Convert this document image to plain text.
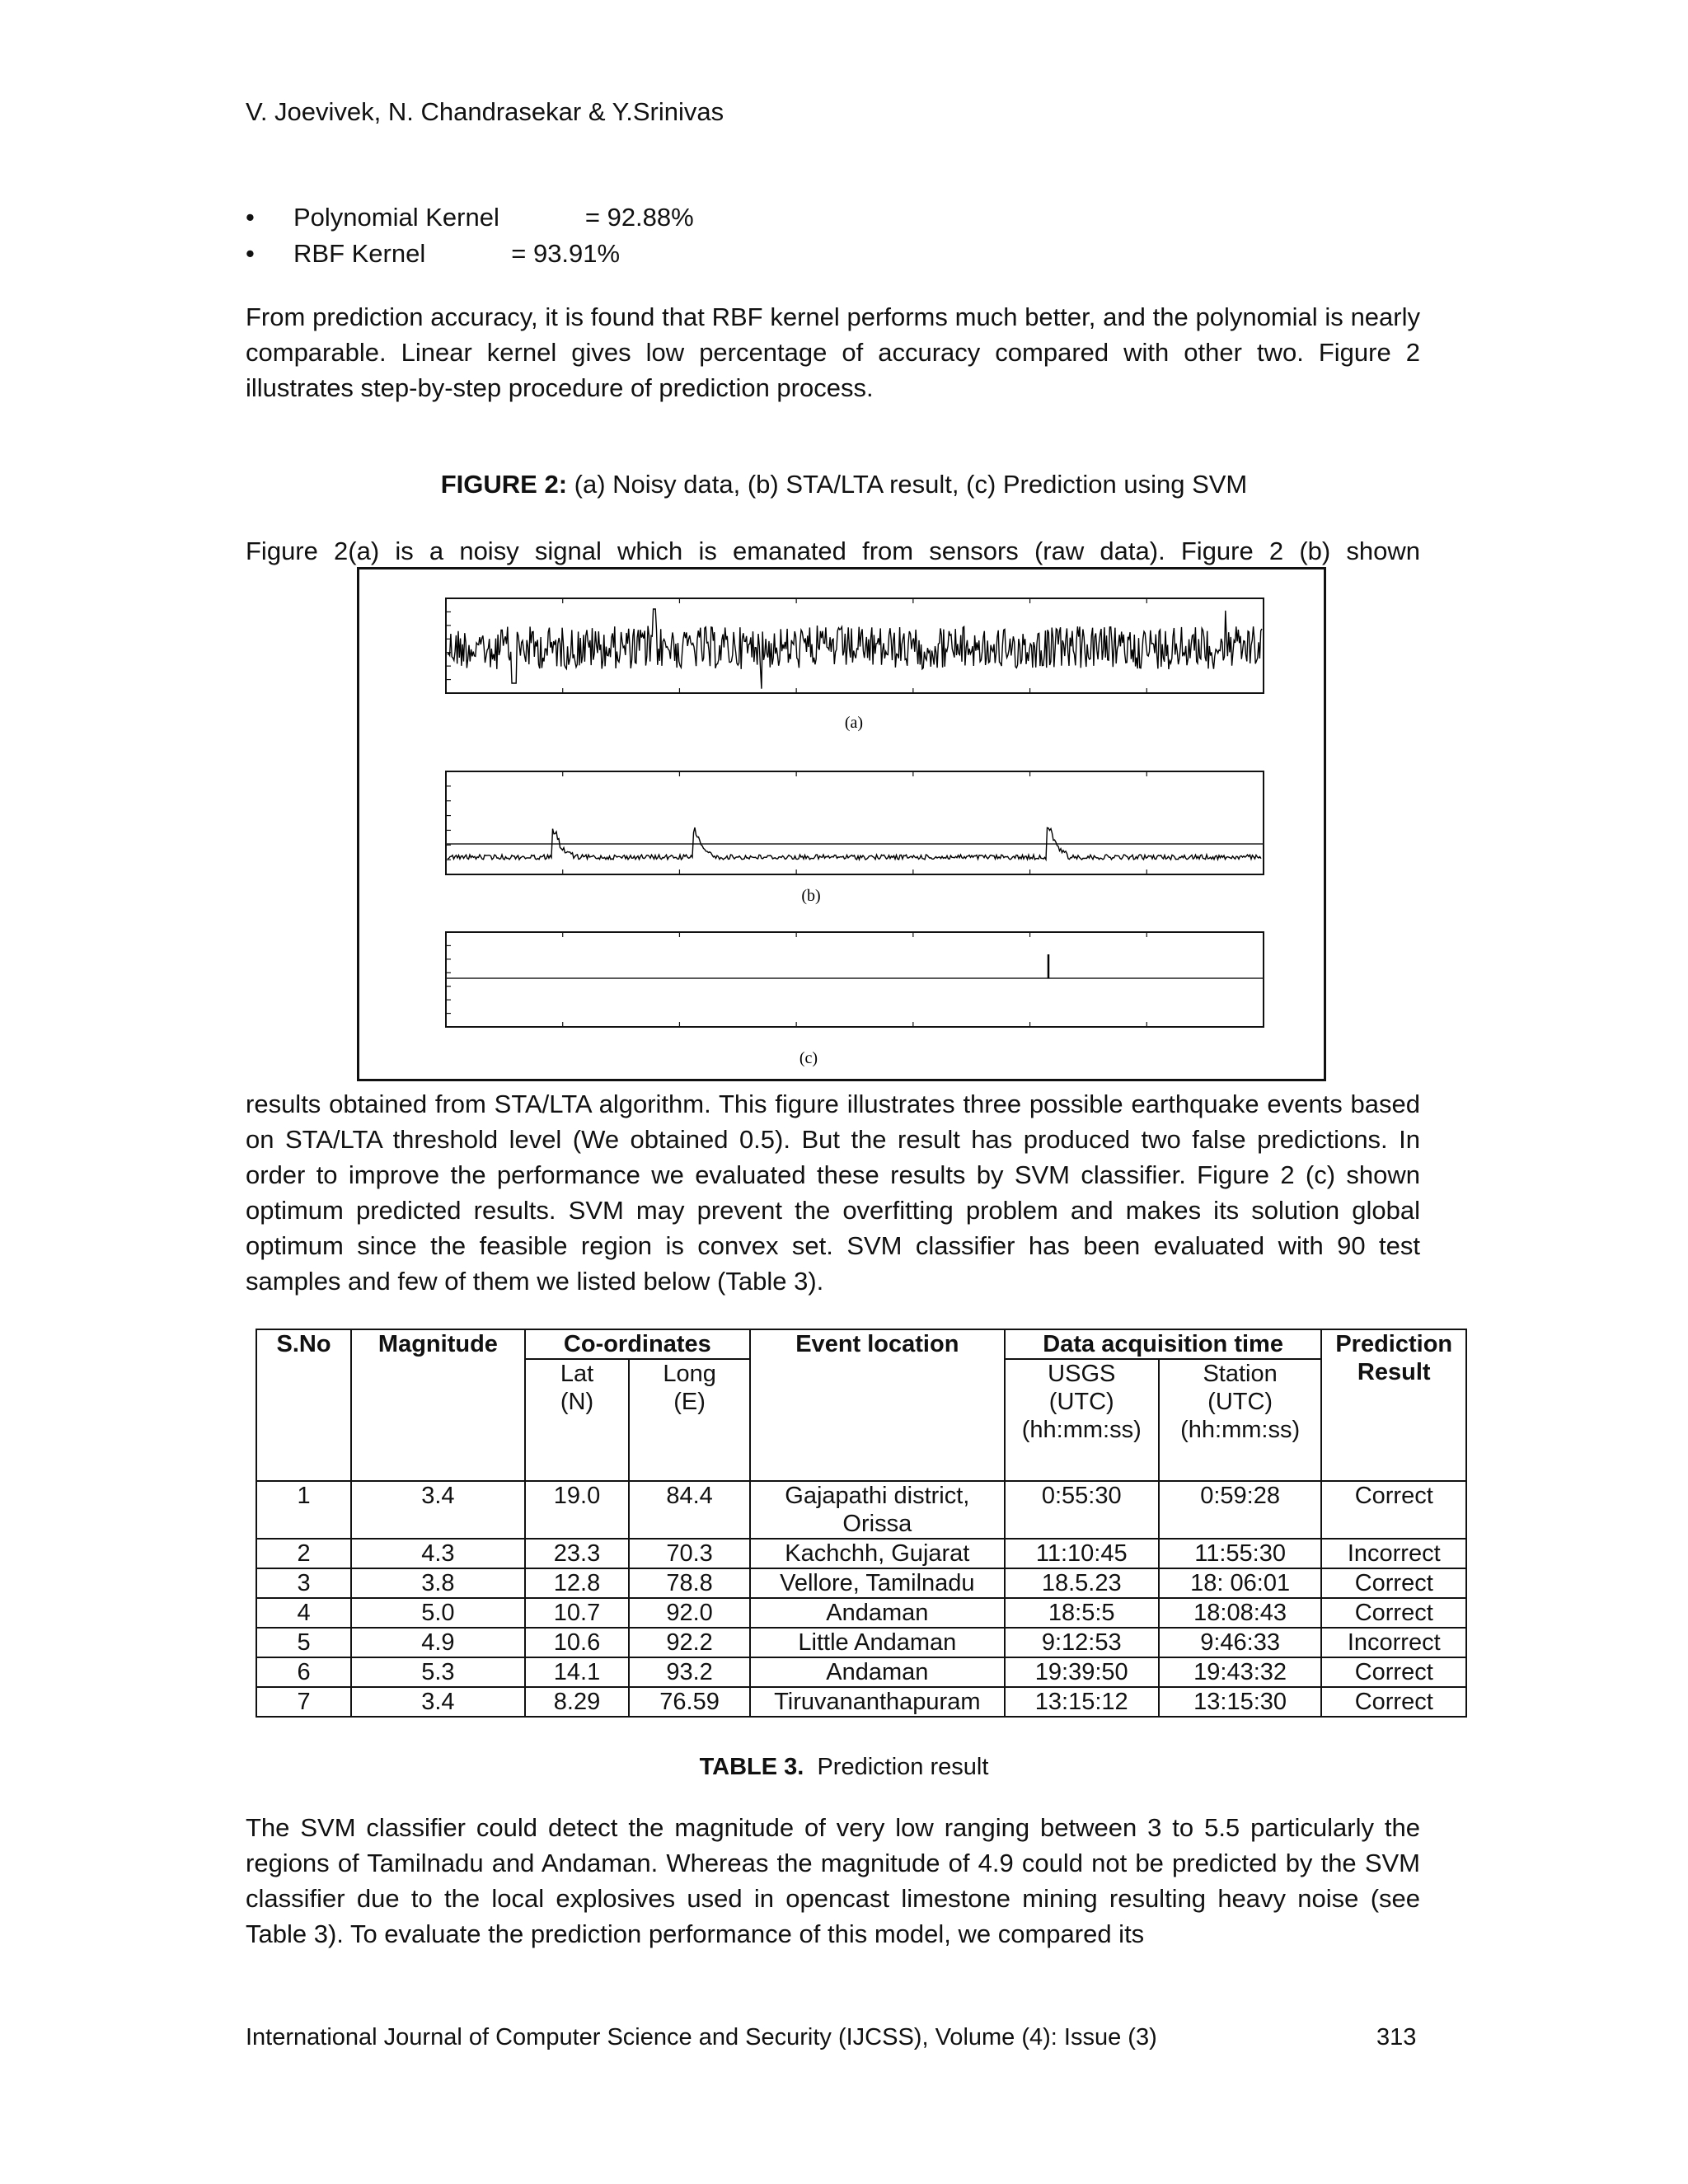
V. Joevivek, N. Chandrasekar & Y.Srinivas
• Polynomial Kernel	= 92.88%
• RBF Kernel	= 93.91%

From prediction accuracy, it is found that RBF kernel performs much better, and the polynomial is nearly comparable. Linear kernel gives low percentage of accuracy compared with other two. Figure 2 illustrates step-by-step procedure of prediction process.

FIGURE 2: (a) Noisy data, (b) STA/LTA result, (c) Prediction using SVM

Figure 2(a) is a noisy signal which is emanated from sensors (raw data). Figure 2 (b) shown

(a)
(b)
(c)

results obtained from STA/LTA algorithm. This figure illustrates three possible earthquake events based on STA/LTA threshold level (We obtained 0.5). But the result has produced two false predictions. In order to improve the performance we evaluated these results by SVM classifier. Figure 2 (c) shown optimum predicted results. SVM may prevent the overfitting problem and makes its solution global optimum since the feasible region is convex set. SVM classifier has been evaluated with 90 test samples and few of them we listed below (Table 3).

S.No	Magnitude	Co-ordinates		Event location	Data acquisition time		Prediction Result
		Lat (N)	Long (E)		USGS (UTC) (hh:mm:ss)	Station (UTC) (hh:mm:ss)	
1	3.4	19.0	84.4	Gajapathi district, Orissa	0:55:30	0:59:28	Correct
2	4.3	23.3	70.3	Kachchh, Gujarat	11:10:45	11:55:30	Incorrect
3	3.8	12.8	78.8	Vellore, Tamilnadu	18.5.23	18: 06:01	Correct
4	5.0	10.7	92.0	Andaman	18:5:5	18:08:43	Correct
5	4.9	10.6	92.2	Little Andaman	9:12:53	9:46:33	Incorrect
6	5.3	14.1	93.2	Andaman	19:39:50	19:43:32	Correct
7	3.4	8.29	76.59	Tiruvananthapuram	13:15:12	13:15:30	Correct
TABLE 3.  Prediction result

The SVM classifier could detect the magnitude of very low ranging between 3 to 5.5 particularly the regions of Tamilnadu and Andaman. Whereas the magnitude of 4.9 could not be predicted by the SVM classifier due to the local explosives used in opencast limestone mining resulting heavy noise (see Table 3). To evaluate the prediction performance of this model, we compared its

International Journal of Computer Science and Security (IJCSS), Volume (4): Issue (3)	313
